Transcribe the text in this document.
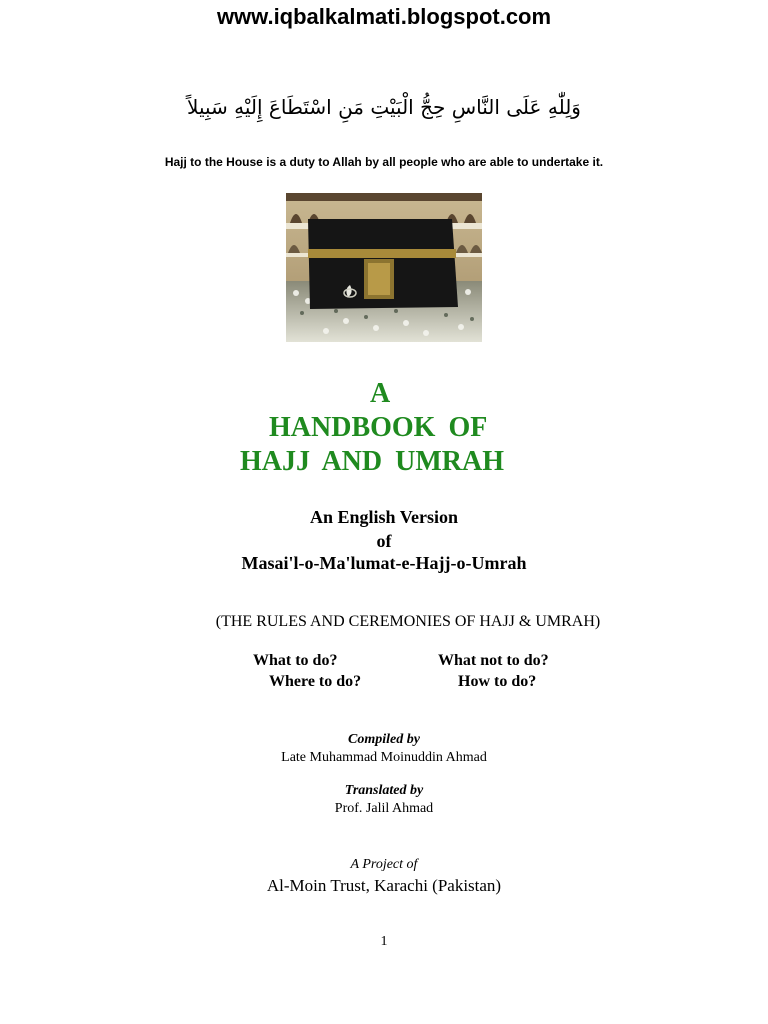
www.iqbalkalmati.blogspot.com
وَلِلّٰهِ عَلَى النَّاسِ حِجُّ الْبَيْتِ مَنِ اسْتَطَاعَ إِلَيْهِ سَبِيلاً
Hajj to the House is a duty to Allah by all people who are able to undertake it.
A
HANDBOOK OF
HAJJ AND UMRAH
An English Version
of
Masai'l-o-Ma'lumat-e-Hajj-o-Umrah
(THE RULES AND CEREMONIES OF HAJJ & UMRAH)
What to do?	What not to do?
Where to do?	How to do?
Compiled by
Late Muhammad Moinuddin Ahmad
Translated by
Prof. Jalil Ahmad
A Project of
Al-Moin Trust, Karachi (Pakistan)
1
